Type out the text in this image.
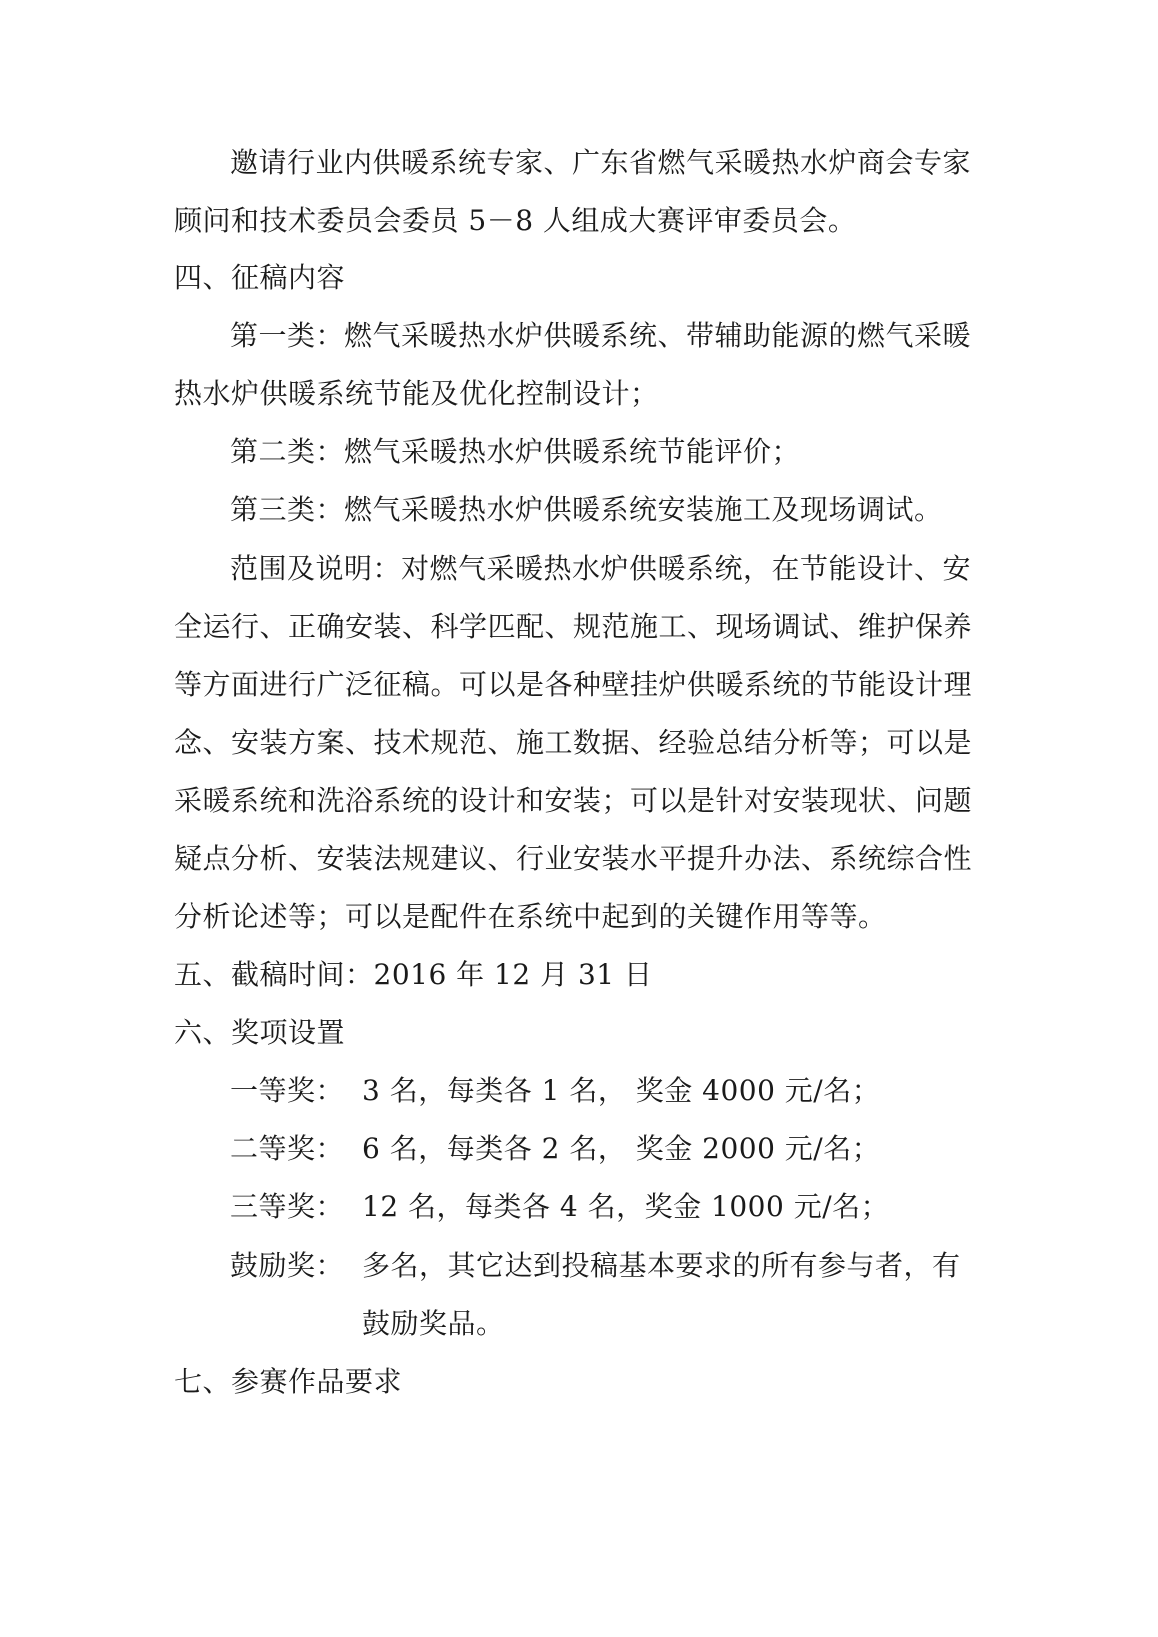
邀请行业内供暖系统专家、广东省燃气采暖热水炉商会专家
顾问和技术委员会委员 5－8 人组成大赛评审委员会。
四、征稿内容
第一类：燃气采暖热水炉供暖系统、带辅助能源的燃气采暖
热水炉供暖系统节能及优化控制设计；
第二类：燃气采暖热水炉供暖系统节能评价；
第三类：燃气采暖热水炉供暖系统安装施工及现场调试。
范围及说明：对燃气采暖热水炉供暖系统，在节能设计、安
全运行、正确安装、科学匹配、规范施工、现场调试、维护保养
等方面进行广泛征稿。可以是各种壁挂炉供暖系统的节能设计理
念、安装方案、技术规范、施工数据、经验总结分析等；可以是
采暖系统和洗浴系统的设计和安装；可以是针对安装现状、问题
疑点分析、安装法规建议、行业安装水平提升办法、系统综合性
分析论述等；可以是配件在系统中起到的关键作用等等。
五、截稿时间：2016 年 12 月 31 日
六、奖项设置
一等奖： 3 名，每类各 1 名， 奖金 4000 元/名；
二等奖： 6 名，每类各 2 名， 奖金 2000 元/名；
三等奖： 12 名，每类各 4 名，奖金 1000 元/名；
鼓励奖： 多名，其它达到投稿基本要求的所有参与者，有
鼓励奖品。
七、参赛作品要求
